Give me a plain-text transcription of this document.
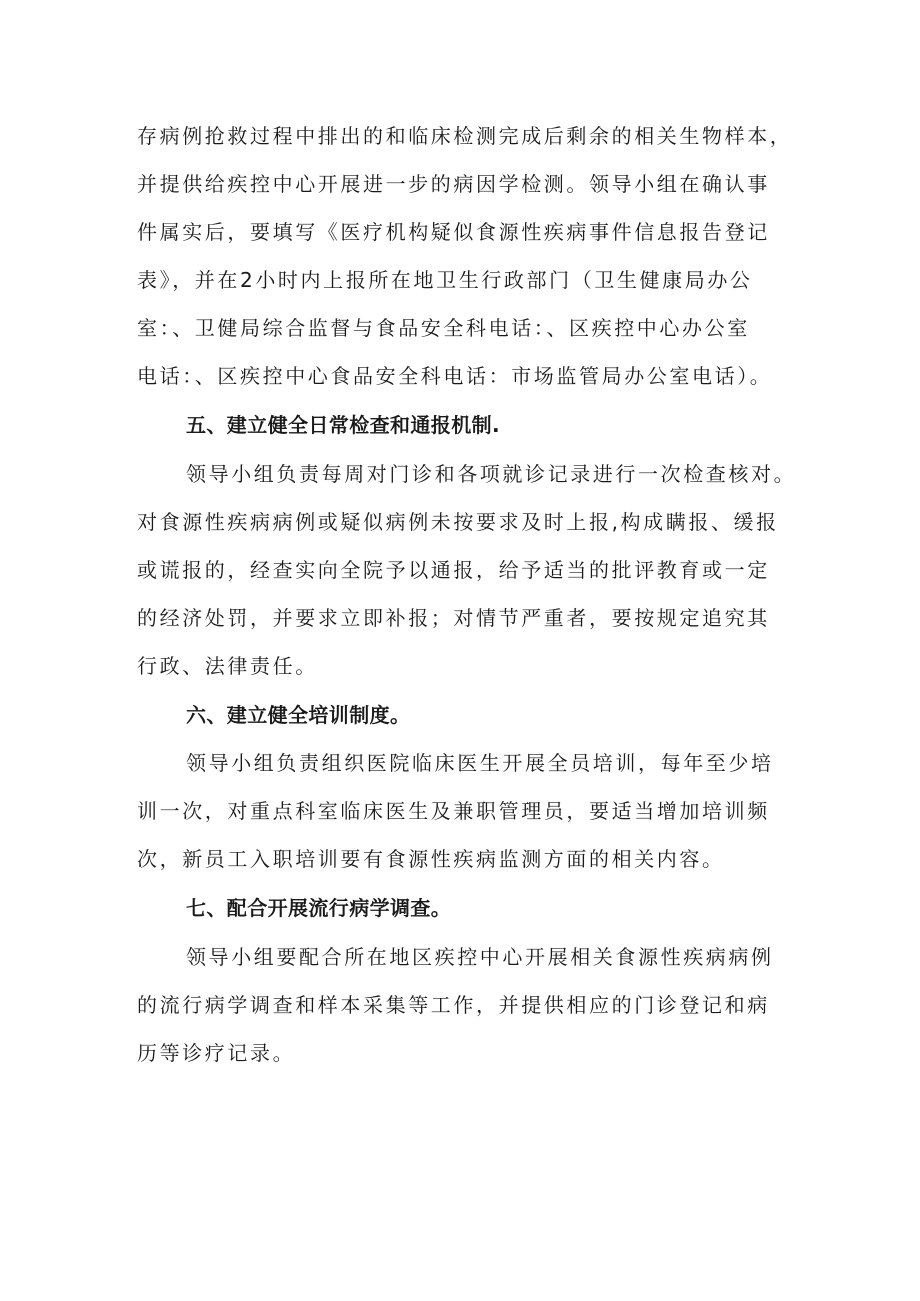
存病例抢救过程中排出的和临床检测完成后剩余的相关生物样本，
并提供给疾控中心开展进一步的病因学检测。领导小组在确认事
件属实后，要填写《医疗机构疑似食源性疾病事件信息报告登记
表》，并在2小时内上报所在地卫生行政部门（卫生健康局办公
室：、卫健局综合监督与食品安全科电话：、区疾控中心办公室
电话：、区疾控中心食品安全科电话：市场监管局办公室电话）。
五、建立健全日常检查和通报机制.
领导小组负责每周对门诊和各项就诊记录进行一次检查核对。
对食源性疾病病例或疑似病例未按要求及时上报,构成瞒报、缓报
或谎报的，经查实向全院予以通报，给予适当的批评教育或一定
的经济处罚，并要求立即补报；对情节严重者，要按规定追究其
行政、法律责任。
六、建立健全培训制度。
领导小组负责组织医院临床医生开展全员培训，每年至少培
训一次，对重点科室临床医生及兼职管理员，要适当增加培训频
次，新员工入职培训要有食源性疾病监测方面的相关内容。
七、配合开展流行病学调查。
领导小组要配合所在地区疾控中心开展相关食源性疾病病例
的流行病学调查和样本采集等工作，并提供相应的门诊登记和病
历等诊疗记录。
